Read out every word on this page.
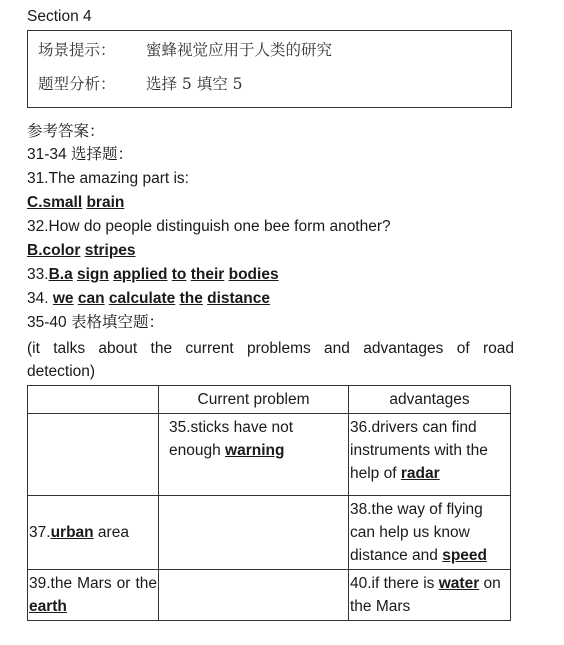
Section 4
场景提示： 蜜蜂视觉应用于人类的研究
题型分析： 选择 5 填空 5
参考答案：
31-34 选择题：
31.The amazing part is:
C.small brain
32.How do people distinguish one bee form another?
B.color stripes
33.B.a sign applied to their bodies
34. we can calculate the distance
35-40 表格填空题：
(it talks about the current problems and advantages of road
detection)
	Current problem	advantages
	35.sticks have not enough warning	36.drivers can find instruments with the help of radar
37.urban area		38.the way of flying can help us know distance and speed
39.the Mars or the earth		40.if there is water on the Mars
